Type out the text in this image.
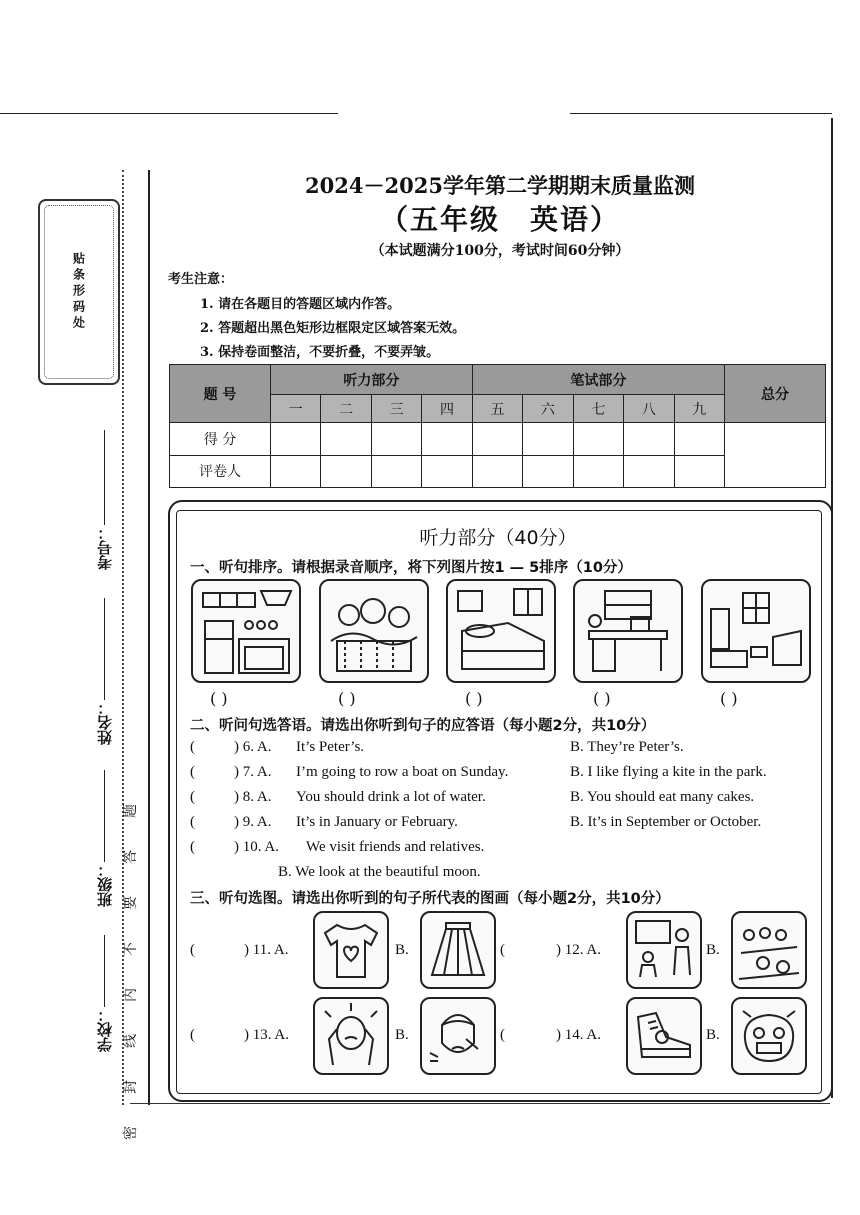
贴条形码处
考号：
姓名：
班级：
学校：
密
封
线
内
不
要
答
题
2024－2025学年第二学期期末质量监测
（五年级　英语）
（本试题满分100分，考试时间60分钟）
考生注意：
1. 请在各题目的答题区域内作答。
2. 答题超出黑色矩形边框限定区域答案无效。
3. 保持卷面整洁，不要折叠，不要弄皱。
题 号	听力部分				笔试部分					总分
	一	二	三	四	五	六	七	八	九	
得 分										
评卷人										
听力部分（40分）
一、听句排序。请根据录音顺序，将下列图片按1 — 5排序（10分）
( )	( )	( )	( )	( )
二、听问句选答语。请选出你听到句子的应答语（每小题2分，共10分）
(	) 6. A. It’s Peter’s.	B. They’re Peter’s.
(	) 7. A. I’m going to row a boat on Sunday.	B. I like flying a kite in the park.
(	) 8. A. You should drink a lot of water.	B. You should eat many cakes.
(	) 9. A. It’s in January or February.	B. It’s in September or October.
(	) 10. A. We visit friends and relatives.
B. We look at the beautiful moon.
三、听句选图。请选出你听到的句子所代表的图画（每小题2分，共10分）
(	) 11. A.	B.	(	) 12. A.	B.
(	) 13. A.	B.	(	) 14. A.	B.
